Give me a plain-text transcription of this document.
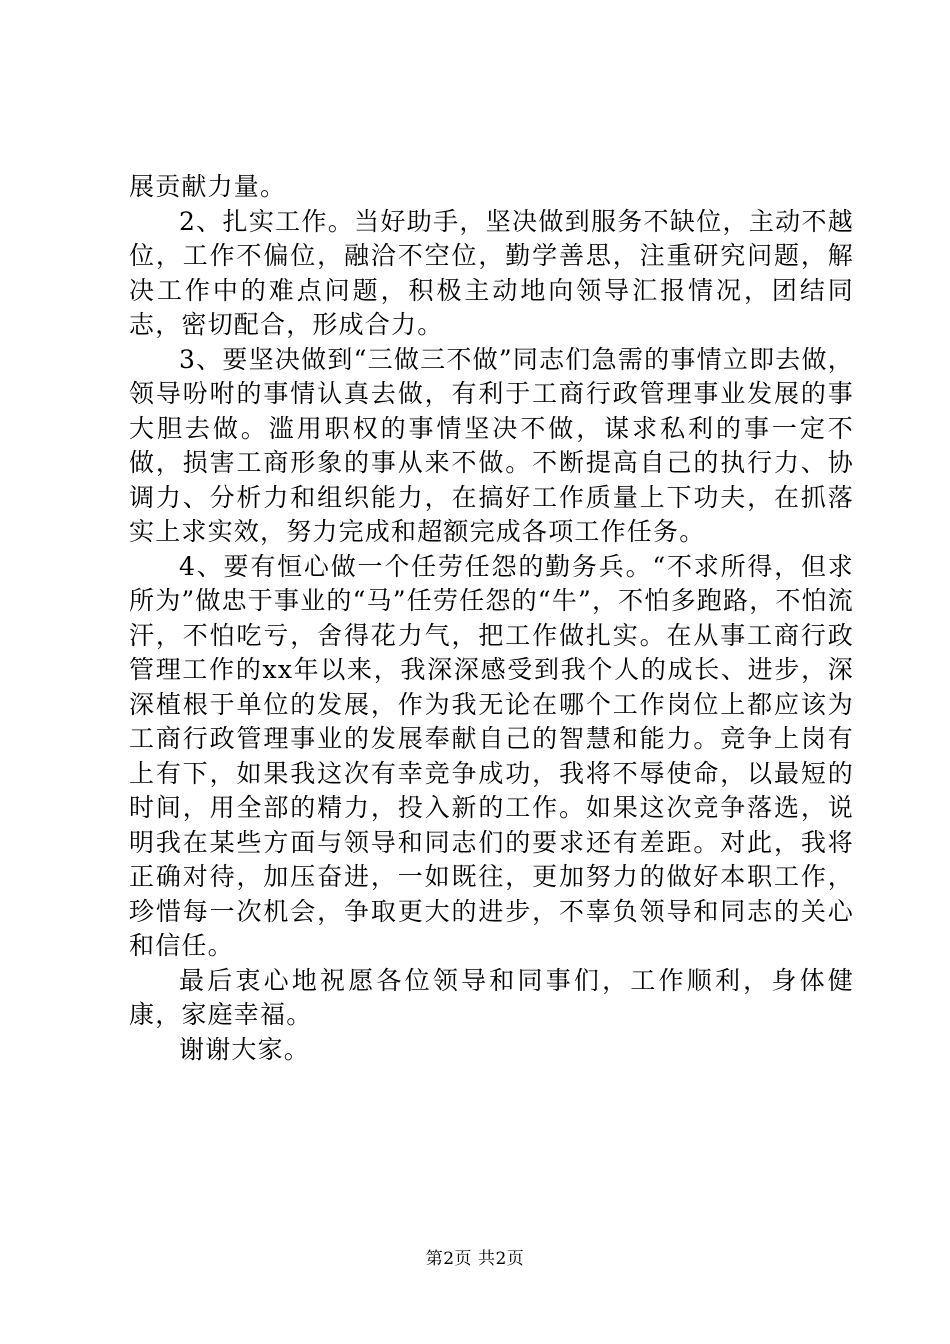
展贡献力量。

2、扎实工作。当好助手，坚决做到服务不缺位，主动不越位，工作不偏位，融洽不空位，勤学善思，注重研究问题，解决工作中的难点问题，积极主动地向领导汇报情况，团结同志，密切配合，形成合力。

3、要坚决做到“三做三不做”同志们急需的事情立即去做，领导吩咐的事情认真去做，有利于工商行政管理事业发展的事大胆去做。滥用职权的事情坚决不做，谋求私利的事一定不做，损害工商形象的事从来不做。不断提高自己的执行力、协调力、分析力和组织能力，在搞好工作质量上下功夫，在抓落实上求实效，努力完成和超额完成各项工作任务。

4、要有恒心做一个任劳任怨的勤务兵。“不求所得，但求所为”做忠于事业的“马”任劳任怨的“牛”，不怕多跑路，不怕流汗，不怕吃亏，舍得花力气，把工作做扎实。在从事工商行政管理工作的xx年以来，我深深感受到我个人的成长、进步，深深植根于单位的发展，作为我无论在哪个工作岗位上都应该为工商行政管理事业的发展奉献自己的智慧和能力。竞争上岗有上有下，如果我这次有幸竞争成功，我将不辱使命，以最短的时间，用全部的精力，投入新的工作。如果这次竞争落选，说明我在某些方面与领导和同志们的要求还有差距。对此，我将正确对待，加压奋进，一如既往，更加努力的做好本职工作，珍惜每一次机会，争取更大的进步，不辜负领导和同志的关心和信任。

最后衷心地祝愿各位领导和同事们，工作顺利，身体健康，家庭幸福。

谢谢大家。

第2页 共2页
